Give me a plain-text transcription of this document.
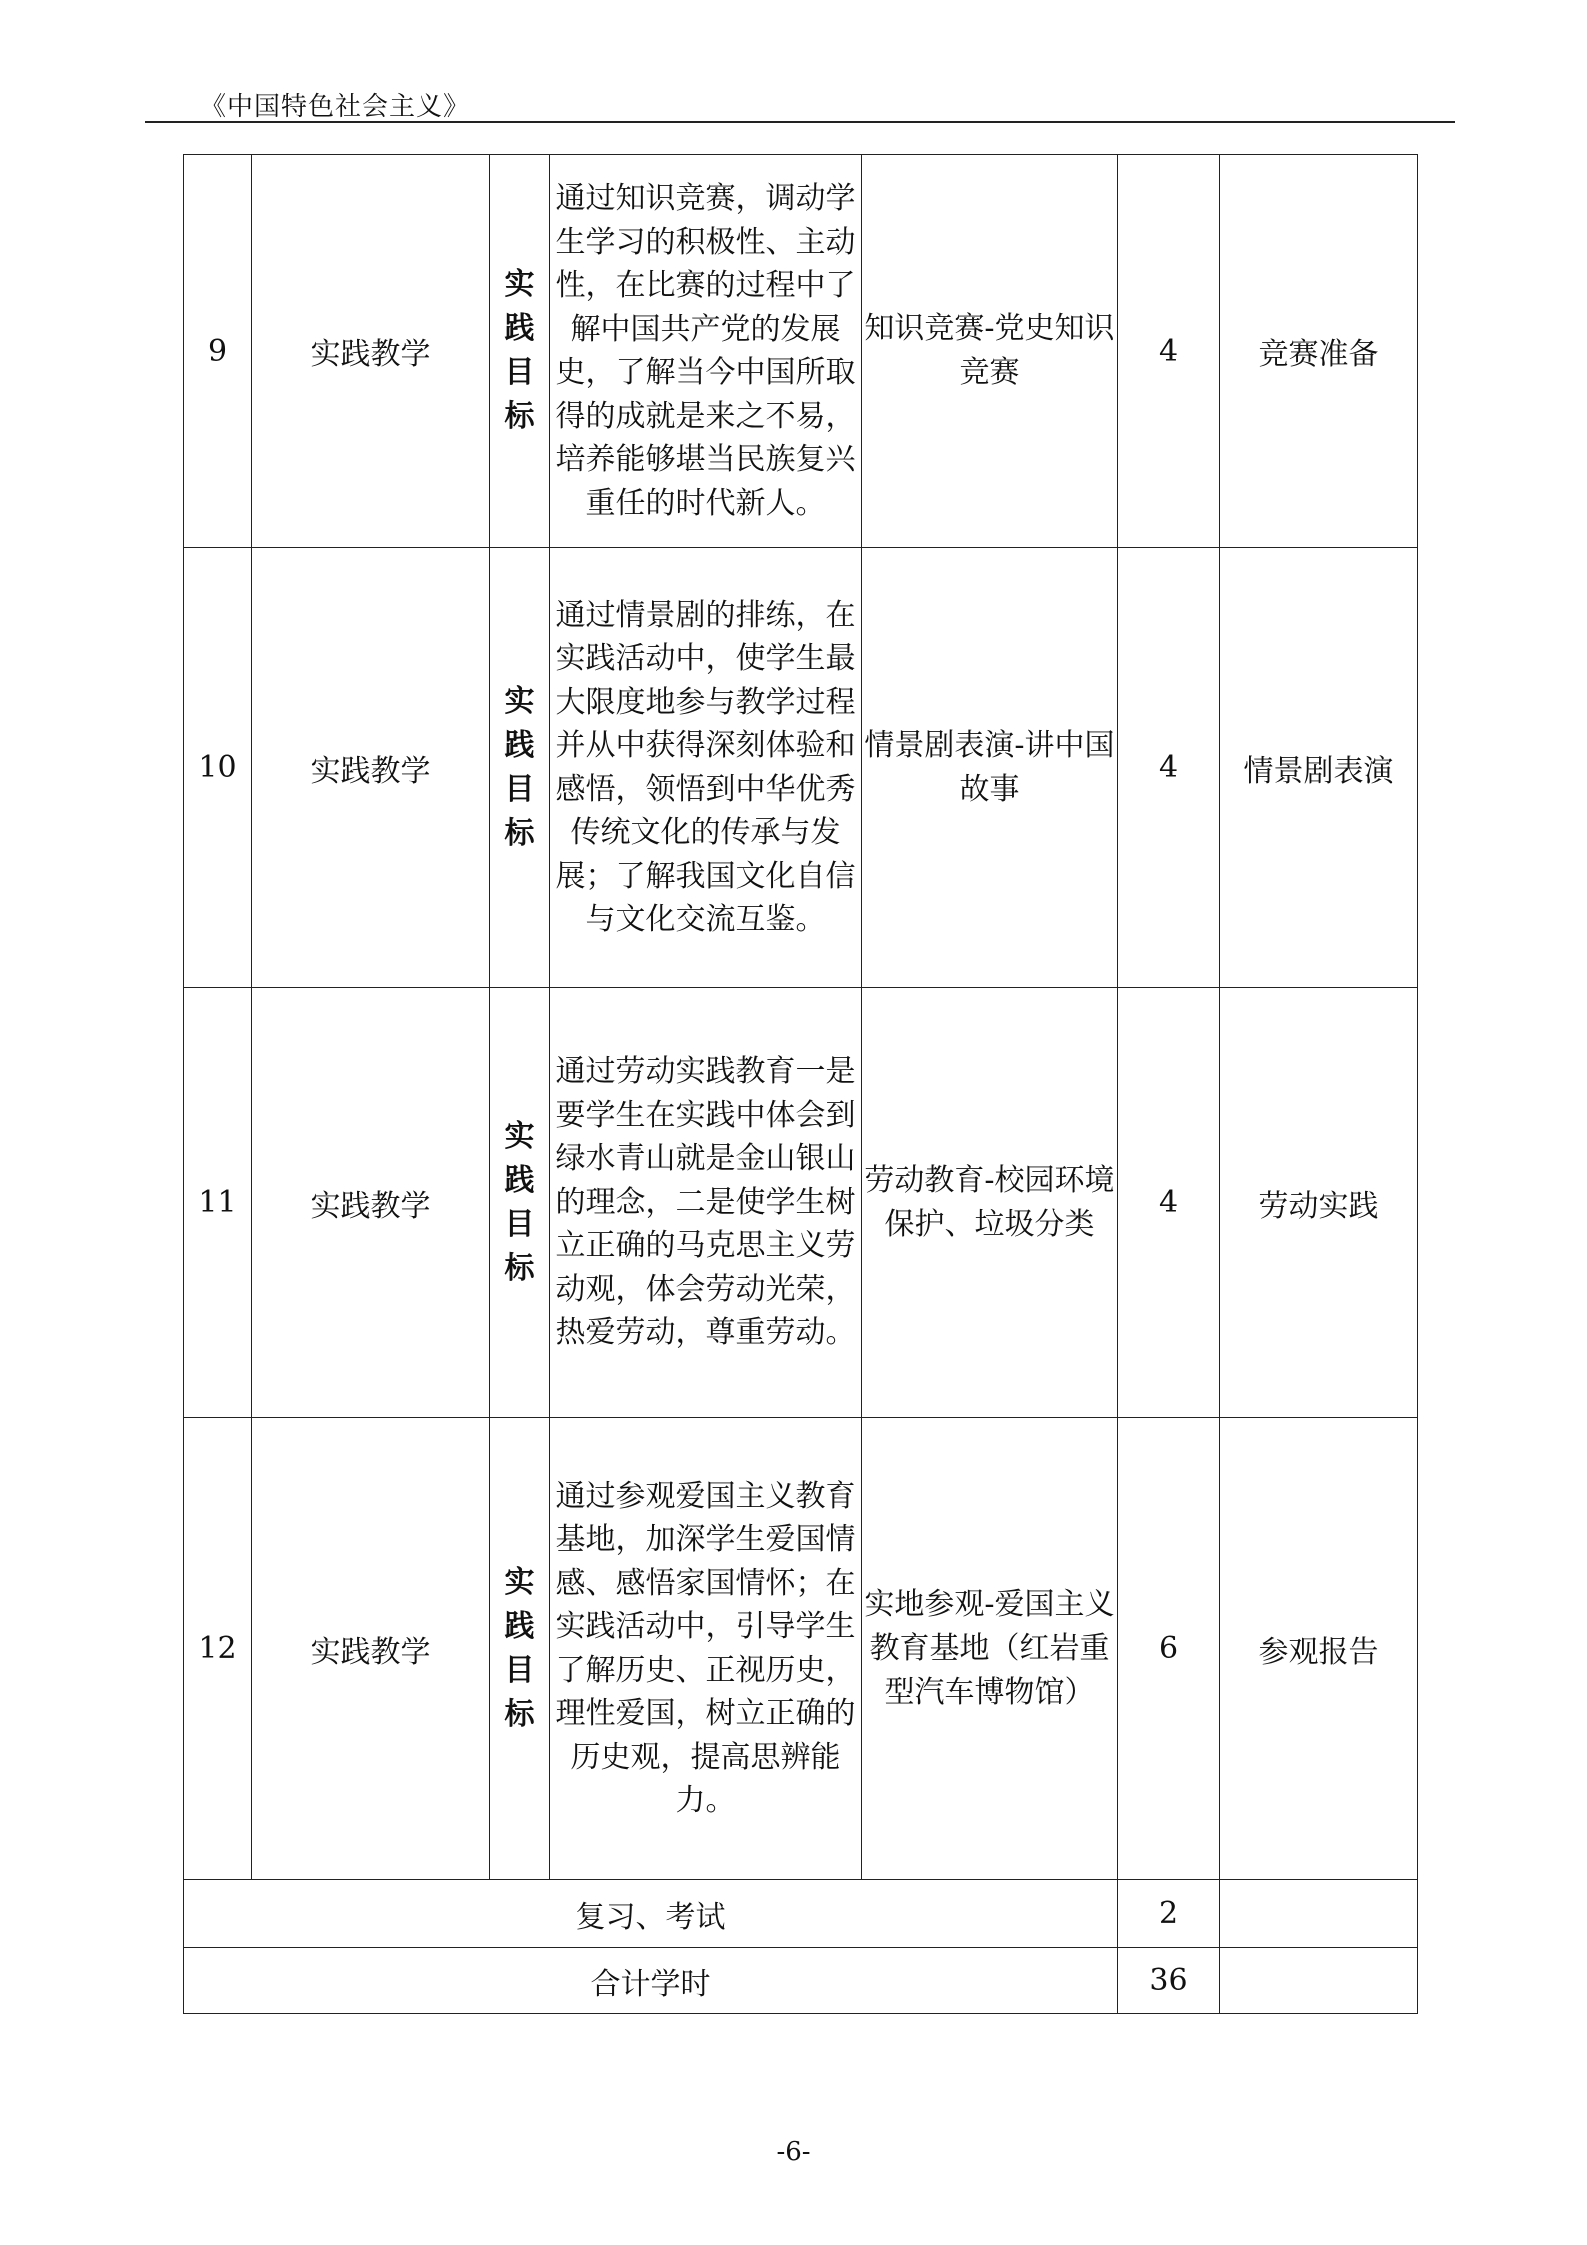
《中国特色社会主义》
9	实践教学	实践目标	通过知识竞赛，调动学生学习的积极性、主动性，在比赛的过程中了解中国共产党的发展史，了解当今中国所取得的成就是来之不易，培养能够堪当民族复兴重任的时代新人。	知识竞赛-党史知识竞赛	4	竞赛准备
10	实践教学	实践目标	通过情景剧的排练，在实践活动中，使学生最大限度地参与教学过程并从中获得深刻体验和感悟，领悟到中华优秀传统文化的传承与发展；了解我国文化自信与文化交流互鉴。	情景剧表演-讲中国故事	4	情景剧表演
11	实践教学	实践目标	通过劳动实践教育一是要学生在实践中体会到绿水青山就是金山银山的理念，二是使学生树立正确的马克思主义劳动观，体会劳动光荣，热爱劳动，尊重劳动。	劳动教育-校园环境保护、垃圾分类	4	劳动实践
12	实践教学	实践目标	通过参观爱国主义教育基地，加深学生爱国情感、感悟家国情怀；在实践活动中，引导学生了解历史、正视历史，理性爱国，树立正确的历史观，提高思辨能力。	实地参观-爱国主义教育基地（红岩重型汽车博物馆）	6	参观报告
复习、考试					2	
合计学时					36	
-6-
